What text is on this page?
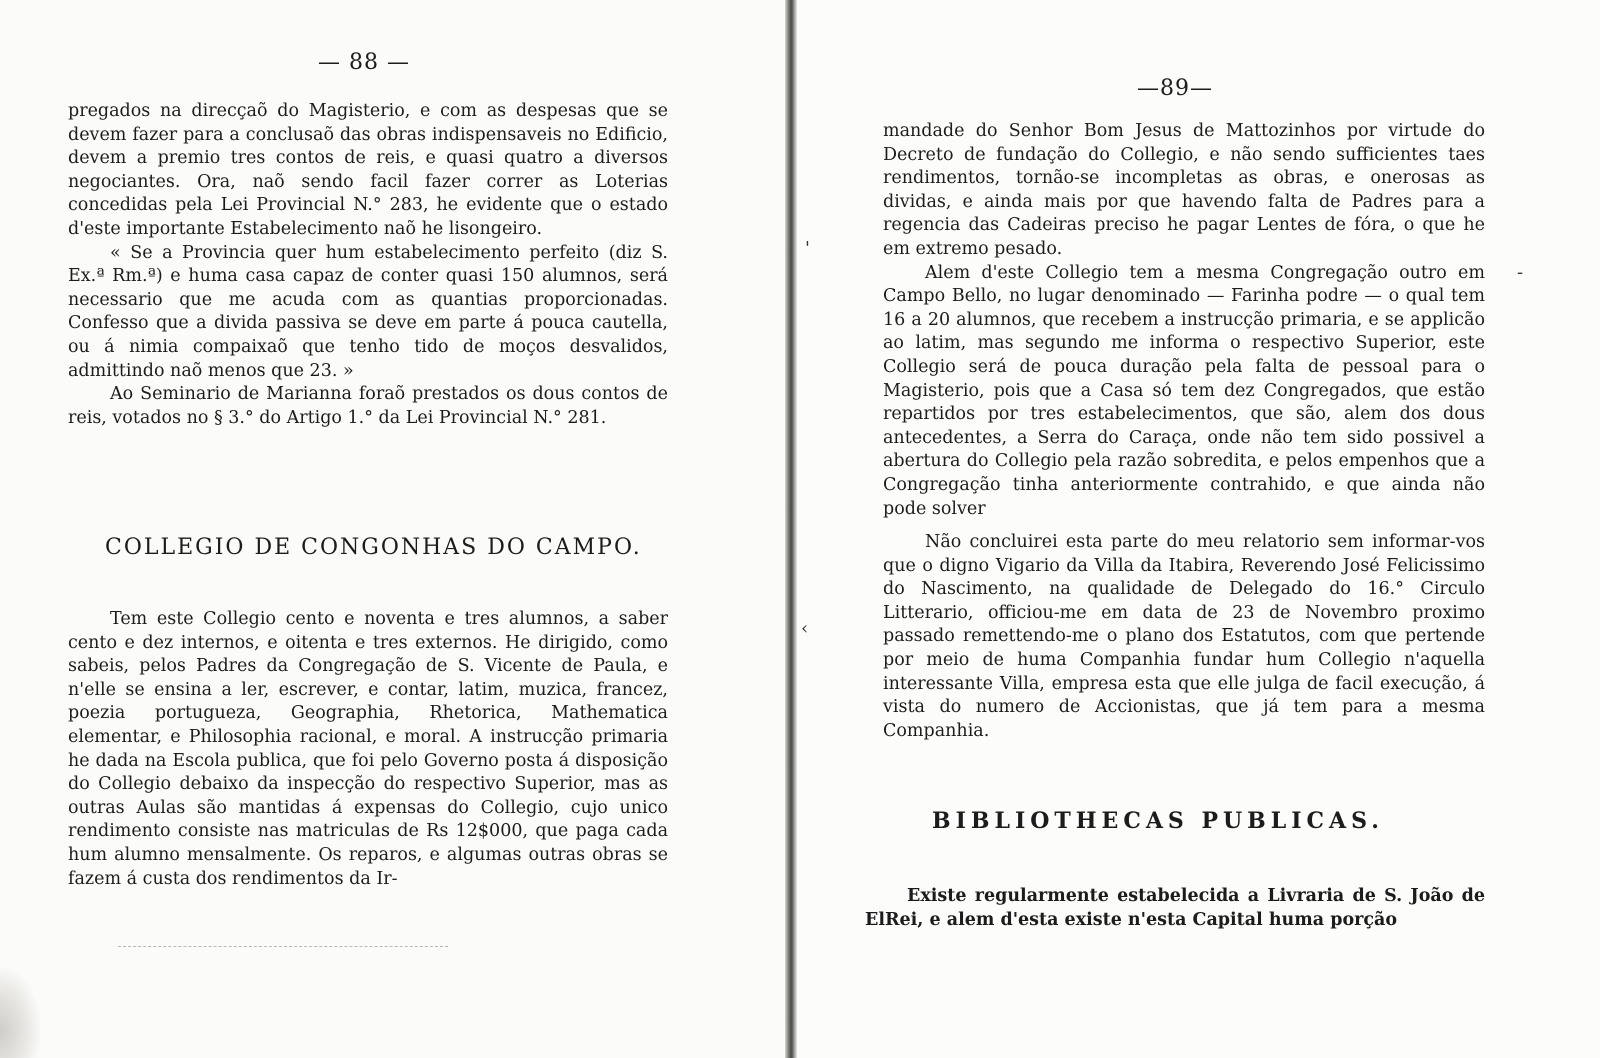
— 88 —
pregados na direcçaõ do Magisterio, e com as despesas que se devem fazer para a conclusaõ das obras indispensaveis no Edificio, devem a premio tres contos de reis, e quasi quatro a diversos negociantes. Ora, naõ sendo facil fazer correr as Loterias concedidas pela Lei Provincial N.° 283, he evidente que o estado d'este importante Estabelecimento naõ he lisongeiro.
« Se a Provincia quer hum estabelecimento perfeito (diz S. Ex.ª Rm.ª) e huma casa capaz de conter quasi 150 alumnos, será necessario que me acuda com as quantias proporcionadas. Confesso que a divida passiva se deve em parte á pouca cautella, ou á nimia compaixaõ que tenho tido de moços desvalidos, admittindo naõ menos que 23. »
Ao Seminario de Marianna foraõ prestados os dous contos de reis, votados no § 3.° do Artigo 1.° da Lei Provincial N.° 281.
COLLEGIO DE CONGONHAS DO CAMPO.
Tem este Collegio cento e noventa e tres alumnos, a saber cento e dez internos, e oitenta e tres externos. He dirigido, como sabeis, pelos Padres da Congregação de S. Vicente de Paula, e n'elle se ensina a ler, escrever, e contar, latim, muzica, francez, poezia portugueza, Geographia, Rhetorica, Mathematica elementar, e Philosophia racional, e moral. A instrucção primaria he dada na Escola publica, que foi pelo Governo posta á disposição do Collegio debaixo da inspecção do respectivo Superior, mas as outras Aulas são mantidas á expensas do Collegio, cujo unico rendimento consiste nas matriculas de Rs 12$000, que paga cada hum alumno mensalmente. Os reparos, e algumas outras obras se fazem á custa dos rendimentos da Ir-
—89—
mandade do Senhor Bom Jesus de Mattozinhos por virtude do Decreto de fundação do Collegio, e não sendo sufficientes taes rendimentos, tornão-se incompletas as obras, e onerosas as dividas, e ainda mais por que havendo falta de Padres para a regencia das Cadeiras preciso he pagar Lentes de fóra, o que he em extremo pesado.
Alem d'este Collegio tem a mesma Congregação outro em Campo Bello, no lugar denominado — Farinha podre — o qual tem 16 a 20 alumnos, que recebem a instrucção primaria, e se applicão ao latim, mas segundo me informa o respectivo Superior, este Collegio será de pouca duração pela falta de pessoal para o Magisterio, pois que a Casa só tem dez Congregados, que estão repartidos por tres estabelecimentos, que são, alem dos dous antecedentes, a Serra do Caraça, onde não tem sido possivel a abertura do Collegio pela razão sobredita, e pelos empenhos que a Congregação tinha anteriormente contrahido, e que ainda não pode solver
Não concluirei esta parte do meu relatorio sem informar-vos que o digno Vigario da Villa da Itabira, Reverendo José Felicissimo do Nascimento, na qualidade de Delegado do 16.° Circulo Litterario, officiou-me em data de 23 de Novembro proximo passado remettendo-me o plano dos Estatutos, com que pertende por meio de huma Companhia fundar hum Collegio n'aquella interessante Villa, empresa esta que elle julga de facil execução, á vista do numero de Accionistas, que já tem para a mesma Companhia.
BIBLIOTHECAS PUBLICAS.
Existe regularmente estabelecida a Livraria de S. João de ElRei, e alem d'esta existe n'esta Capital huma porção
'
‹
-
